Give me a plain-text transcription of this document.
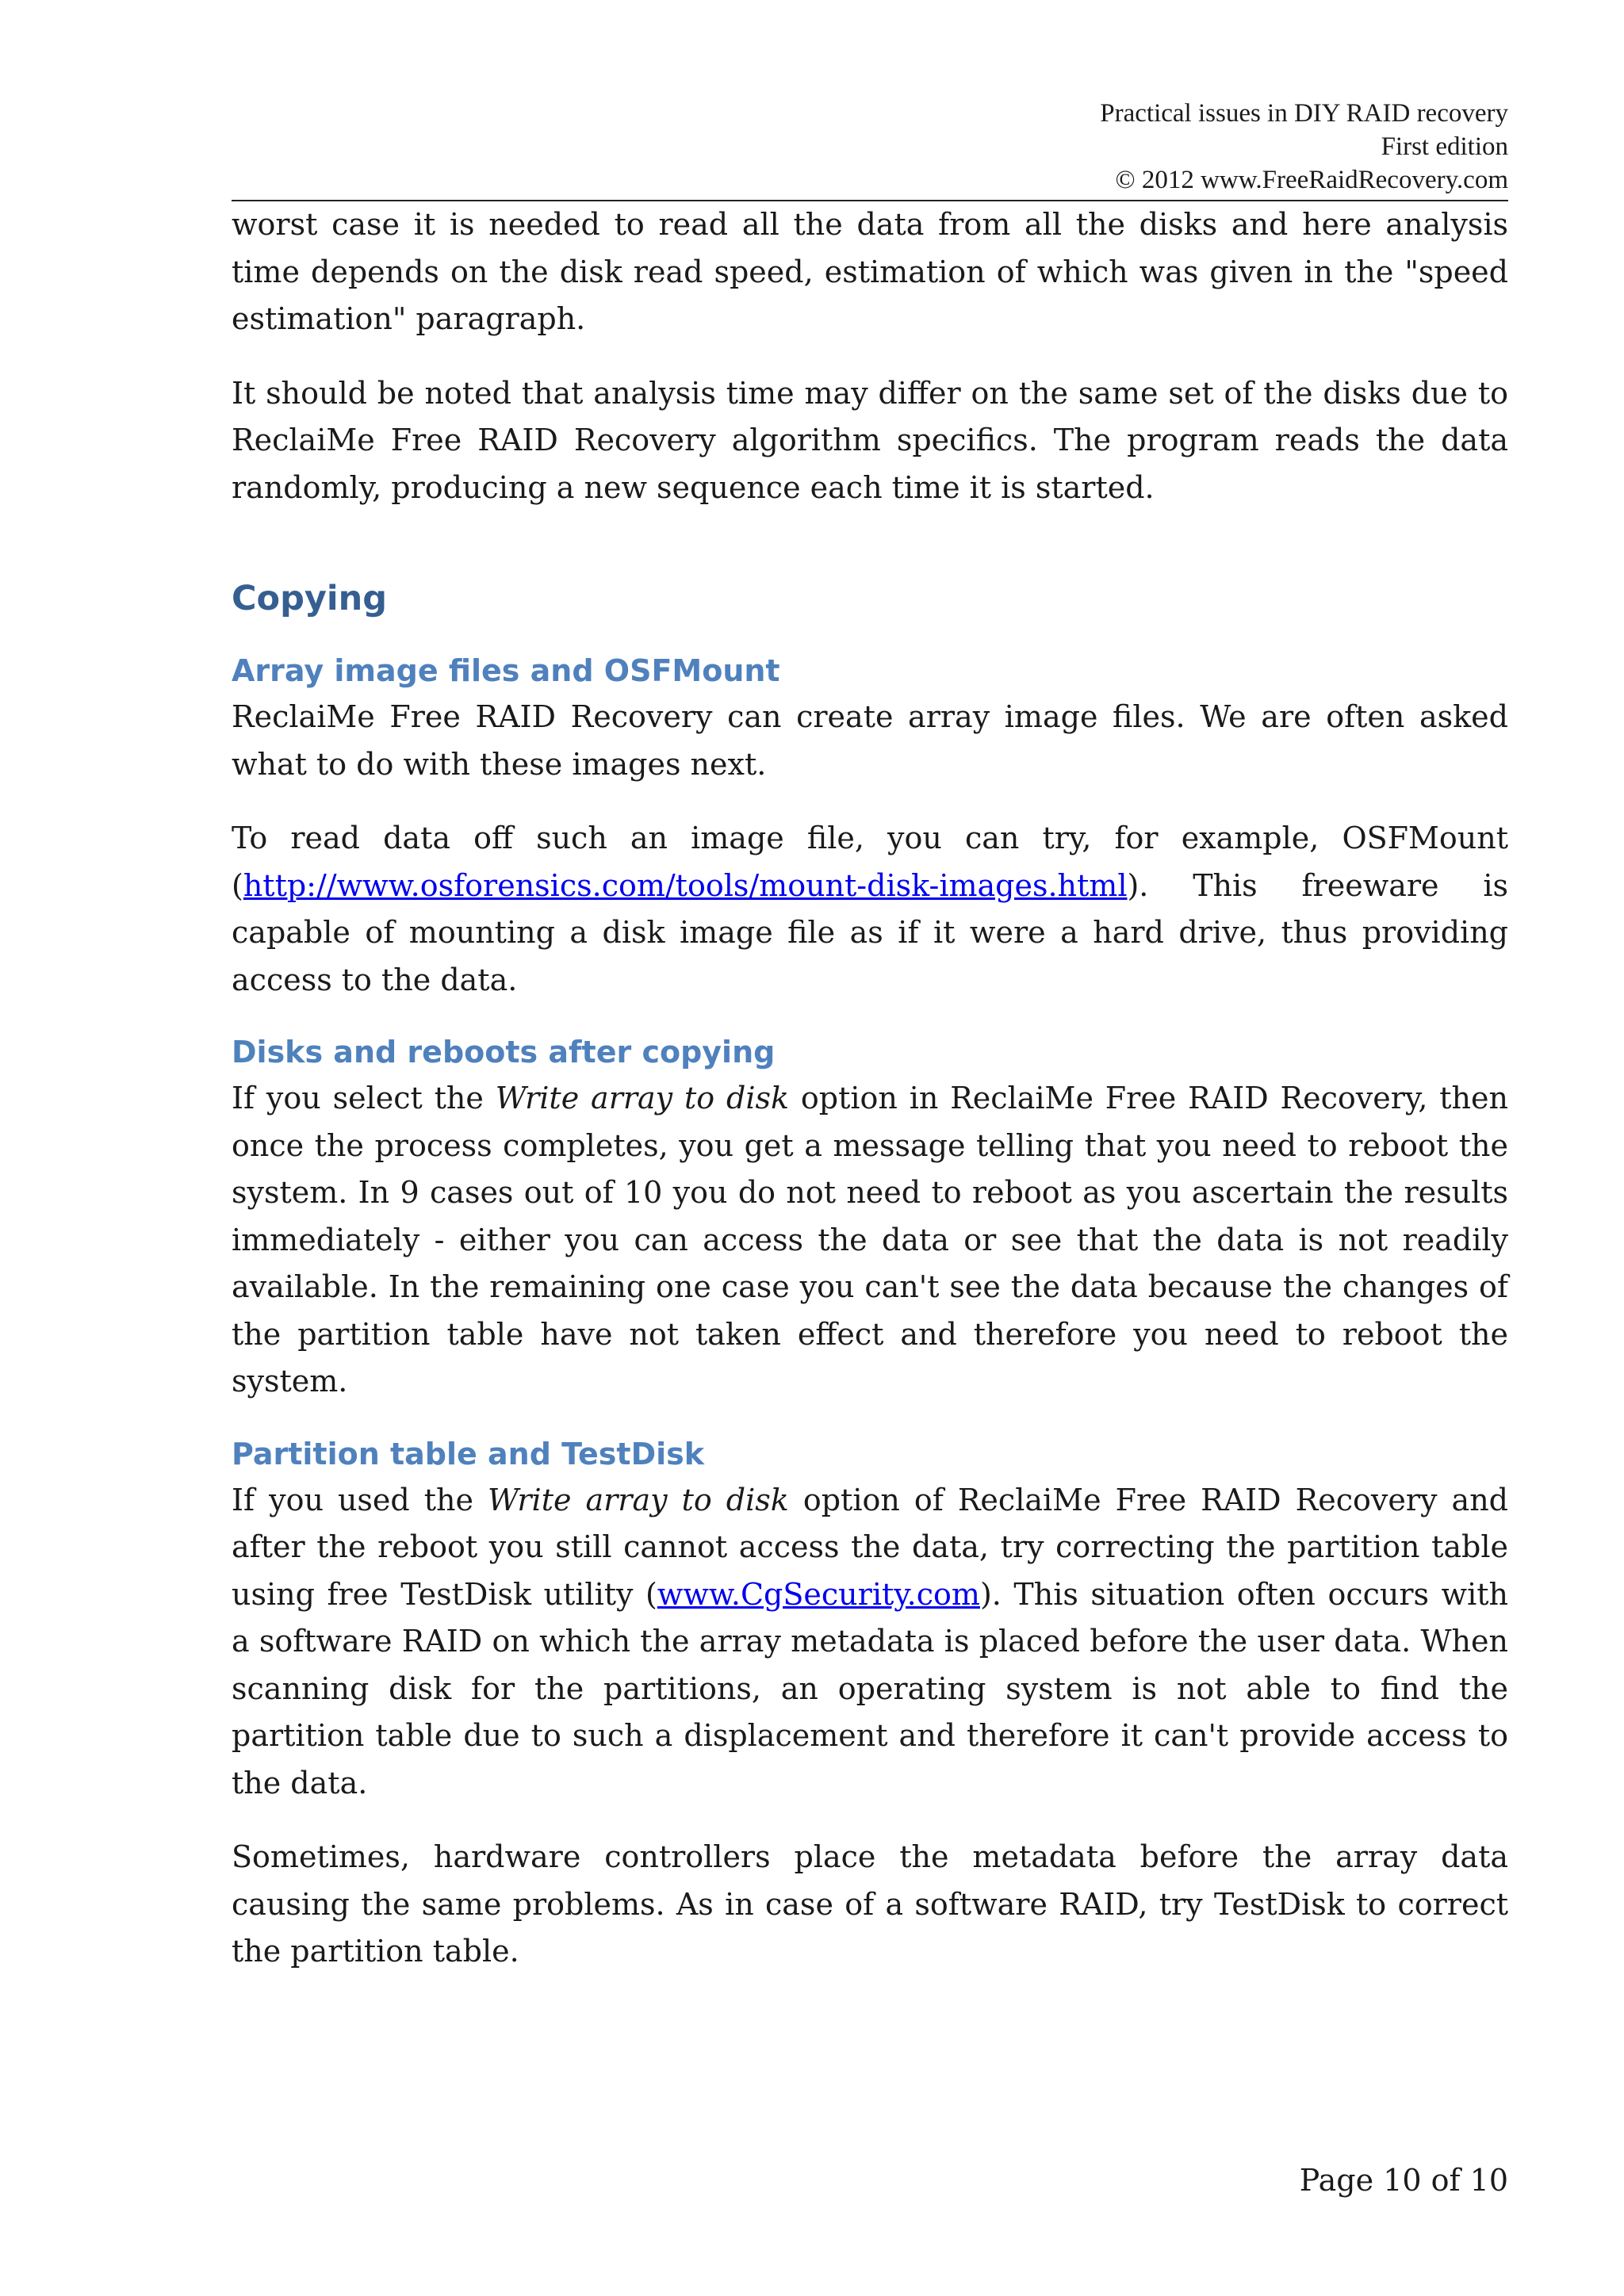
Practical issues in DIY RAID recovery
First edition
© 2012 www.FreeRaidRecovery.com

worst case it is needed to read all the data from all the disks and here analysis time depends on the disk read speed, estimation of which was given in the "speed estimation" paragraph.

It should be noted that analysis time may differ on the same set of the disks due to ReclaiMe Free RAID Recovery algorithm specifics. The program reads the data randomly, producing a new sequence each time it is started.

Copying
Array image files and OSFMount

ReclaiMe Free RAID Recovery can create array image files. We are often asked what to do with these images next.

To read data off such an image file, you can try, for example, OSFMount (http://www.osforensics.com/tools/mount-disk-images.html). This freeware is capable of mounting a disk image file as if it were a hard drive, thus providing access to the data.

Disks and reboots after copying

If you select the Write array to disk option in ReclaiMe Free RAID Recovery, then once the process completes, you get a message telling that you need to reboot the system. In 9 cases out of 10 you do not need to reboot as you ascertain the results immediately - either you can access the data or see that the data is not readily available. In the remaining one case you can't see the data because the changes of the partition table have not taken effect and therefore you need to reboot the system.

Partition table and TestDisk

If you used the Write array to disk option of ReclaiMe Free RAID Recovery and after the reboot you still cannot access the data, try correcting the partition table using free TestDisk utility (www.CgSecurity.com). This situation often occurs with a software RAID on which the array metadata is placed before the user data. When scanning disk for the partitions, an operating system is not able to find the partition table due to such a displacement and therefore it can't provide access to the data.

Sometimes, hardware controllers place the metadata before the array data causing the same problems. As in case of a software RAID, try TestDisk to correct the partition table.

Page 10 of 10
